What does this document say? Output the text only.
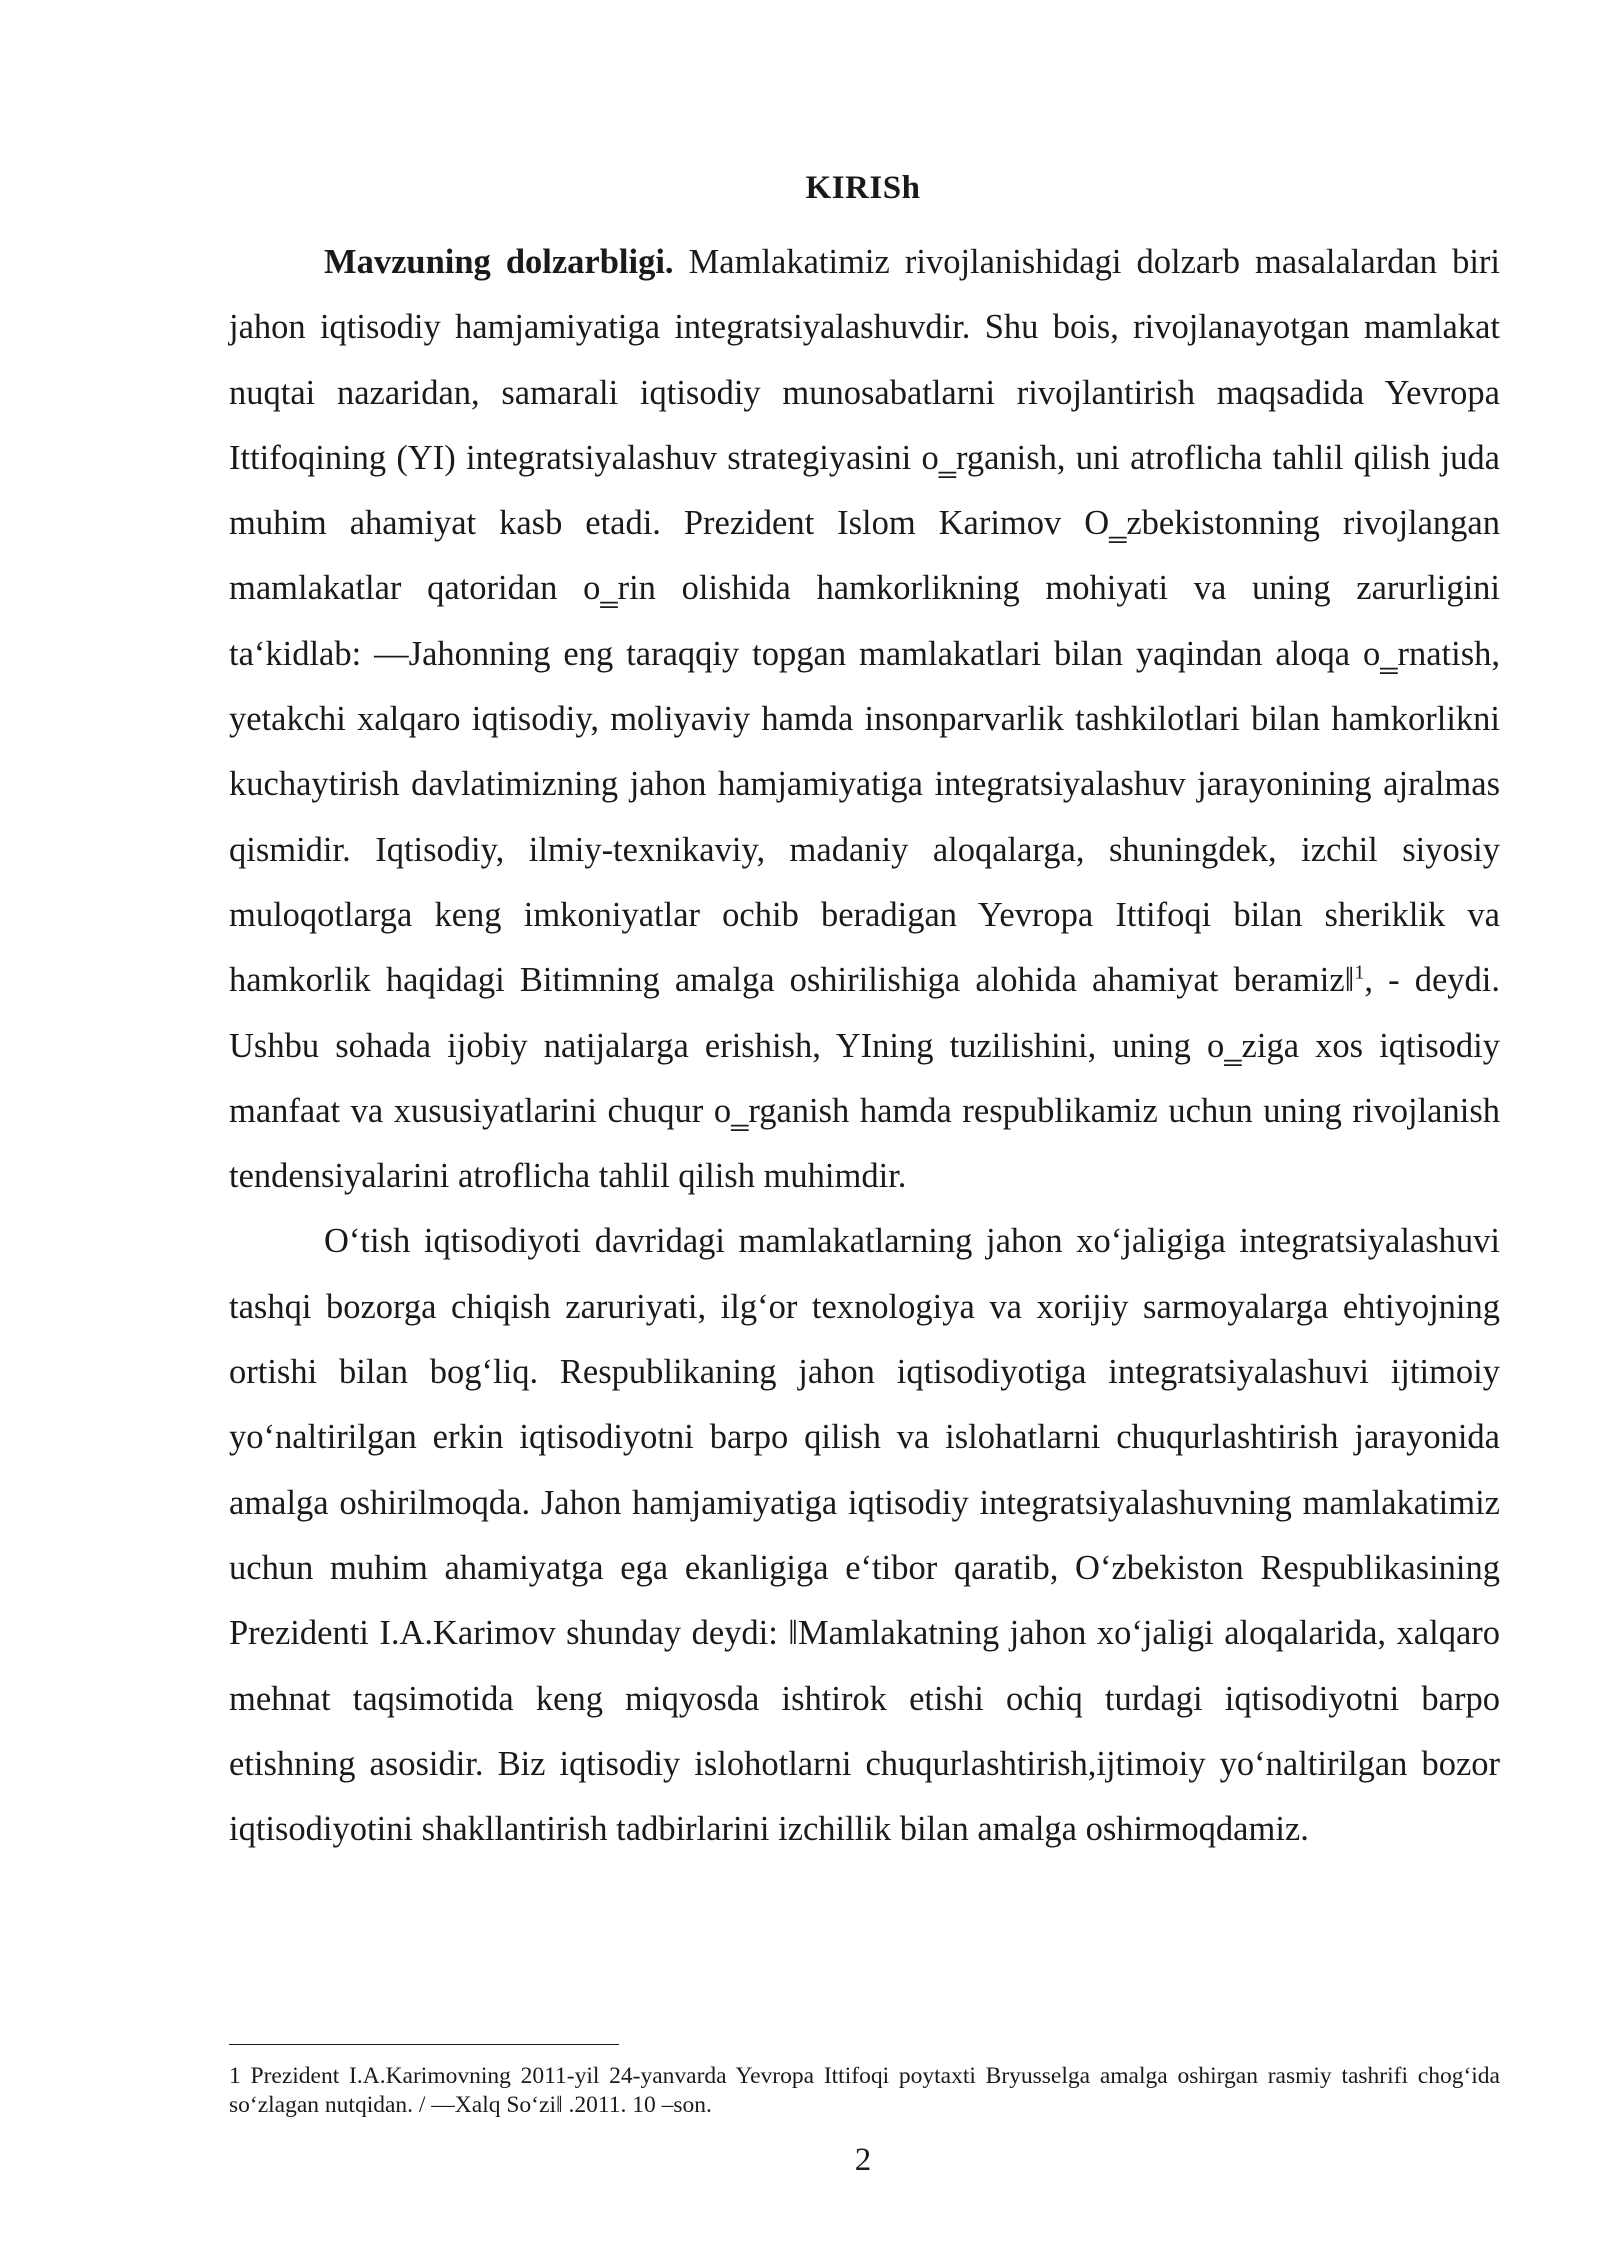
KIRISh

Mavzuning dolzarbligi. Mamlakatimiz rivojlanishidagi dolzarb masalalardan biri jahon iqtisodiy hamjamiyatiga integratsiyalashuvdir. Shu bois, rivojlanayotgan mamlakat nuqtai nazaridan, samarali iqtisodiy munosabatlarni rivojlantirish maqsadida Yevropa Ittifoqining (YI) integratsiyalashuv strategiyasini o‗rganish, uni atroflicha tahlil qilish juda muhim ahamiyat kasb etadi. Prezident Islom Karimov O‗zbekistonning rivojlangan mamlakatlar qatoridan o‗rin olishida hamkorlikning mohiyati va uning zarurligini ta‘kidlab: ―Jahonning eng taraqqiy topgan mamlakatlari bilan yaqindan aloqa o‗rnatish, yetakchi xalqaro iqtisodiy, moliyaviy hamda insonparvarlik tashkilotlari bilan hamkorlikni kuchaytirish davlatimizning jahon hamjamiyatiga integratsiyalashuv jarayonining ajralmas qismidir. Iqtisodiy, ilmiy-texnikaviy, madaniy aloqalarga, shuningdek, izchil siyosiy muloqotlarga keng imkoniyatlar ochib beradigan Yevropa Ittifoqi bilan sheriklik va hamkorlik haqidagi Bitimning amalga oshirilishiga alohida ahamiyat beramiz‖$^1$, - deydi. Ushbu sohada ijobiy natijalarga erishish, YIning tuzilishini, uning o‗ziga xos iqtisodiy manfaat va xususiyatlarini chuqur o‗rganish hamda respublikamiz uchun uning rivojlanish tendensiyalarini atroflicha tahlil qilish muhimdir.

O‘tish iqtisodiyoti davridagi mamlakatlarning jahon xo‘jaligiga integratsiyalashuvi tashqi bozorga chiqish zaruriyati, ilg‘or texnologiya va xorijiy sarmoyalarga ehtiyojning ortishi bilan bog‘liq. Respublikaning jahon iqtisodiyotiga integratsiyalashuvi ijtimoiy yo‘naltirilgan erkin iqtisodiyotni barpo qilish va islohatlarni chuqurlashtirish jarayonida amalga oshirilmoqda. Jahon hamjamiyatiga iqtisodiy integratsiyalashuvning mamlakatimiz uchun muhim ahamiyatga ega ekanligiga e‘tibor qaratib, O‘zbekiston Respublikasining Prezidenti I.A.Karimov shunday deydi: ‖Mamlakatning jahon xo‘jaligi aloqalarida, xalqaro mehnat taqsimotida keng miqyosda ishtirok etishi ochiq turdagi iqtisodiyotni barpo etishning asosidir. Biz iqtisodiy islohotlarni chuqurlashtirish,ijtimoiy yo‘naltirilgan bozor iqtisodiyotini shakllantirish tadbirlarini izchillik bilan amalga oshirmoqdamiz.

1 Prezident I.A.Karimovning 2011-yil 24-yanvarda Yevropa Ittifoqi poytaxti Bryusselga amalga oshirgan rasmiy tashrifi chog‘ida so‘zlagan nutqidan. / ―Xalq So‘zi‖ .2011. 10 –son.

2
